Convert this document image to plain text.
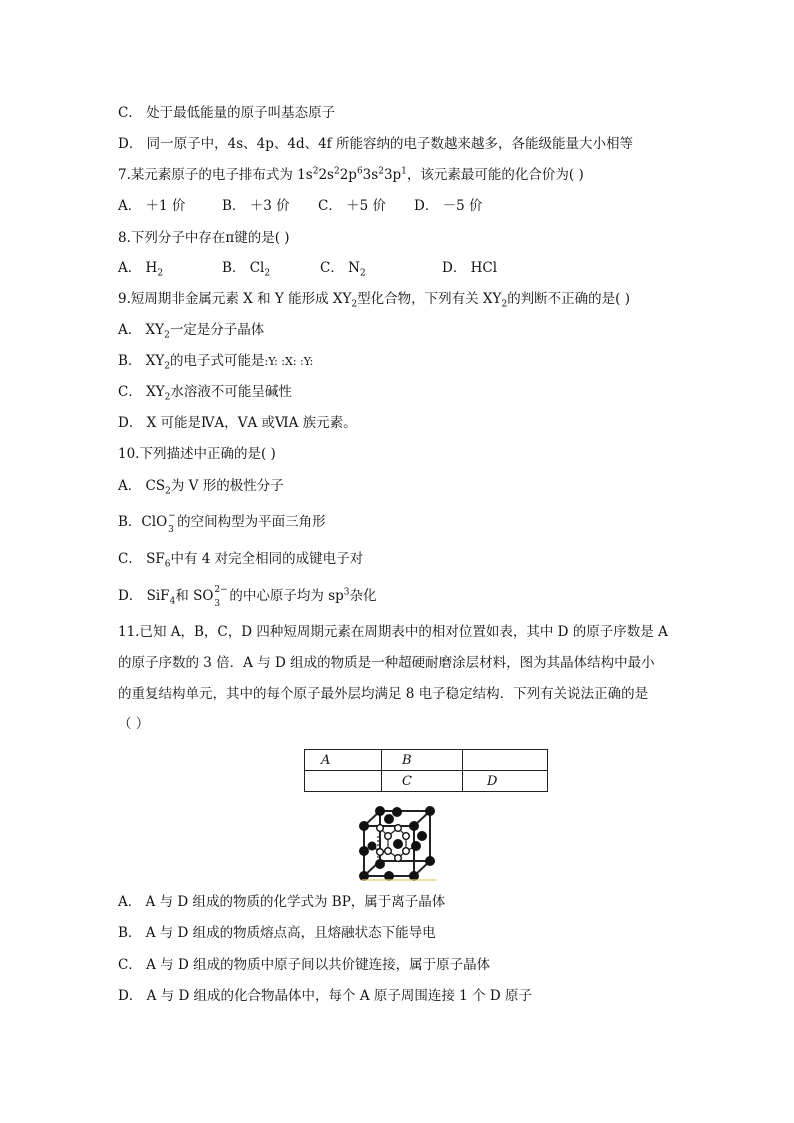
C． 处于最低能量的原子叫基态原子
D． 同一原子中，4s、4p、4d、4f 所能容纳的电子数越来越多，各能级能量大小相等
7.某元素原子的电子排布式为 $1s^22s^22p^63s^23p^1$，该元素最可能的化合价为( )
A． ＋1 价	B． ＋3 价 C． ＋5 价 D． －5 价
8.下列分子中存在π键的是( )
A． $H_2$	B． $Cl_2$	C． $N_2$	D． HCl
9.短周期非金属元素 X 和 Y 能形成 $XY_2$型化合物，下列有关 $XY_2$的判断不正确的是( )
A． $XY_2$一定是分子晶体
B． $XY_2$的电子式可能是:Y: :X: :Y:
C． $XY_2$水溶液不可能呈碱性
D． X 可能是ⅣA，ⅤA 或ⅥA 族元素。
10.下列描述中正确的是( )
A． $CS_2$为 V 形的极性分子
B．ClO −
3 的空间构型为平面三角形
C． $SF_6$中有 4 对完全相同的成键电子对
D． SiF$_4$和 SO 2−
3 的中心原子均为 $sp^3$杂化
11.已知 A，B，C，D 四种短周期元素在周期表中的相对位置如表，其中 D 的原子序数是 A
的原子序数的 3 倍．A 与 D 组成的物质是一种超硬耐磨涂层材料，图为其晶体结构中最小
的重复结构单元，其中的每个原子最外层均满足 8 电子稳定结构．下列有关说法正确的是
（ ）
A	B	
	C	D
A． A 与 D 组成的物质的化学式为 BP，属于离子晶体
B． A 与 D 组成的物质熔点高，且熔融状态下能导电
C． A 与 D 组成的物质中原子间以共价键连接，属于原子晶体
D． A 与 D 组成的化合物晶体中，每个 A 原子周围连接 1 个 D 原子
